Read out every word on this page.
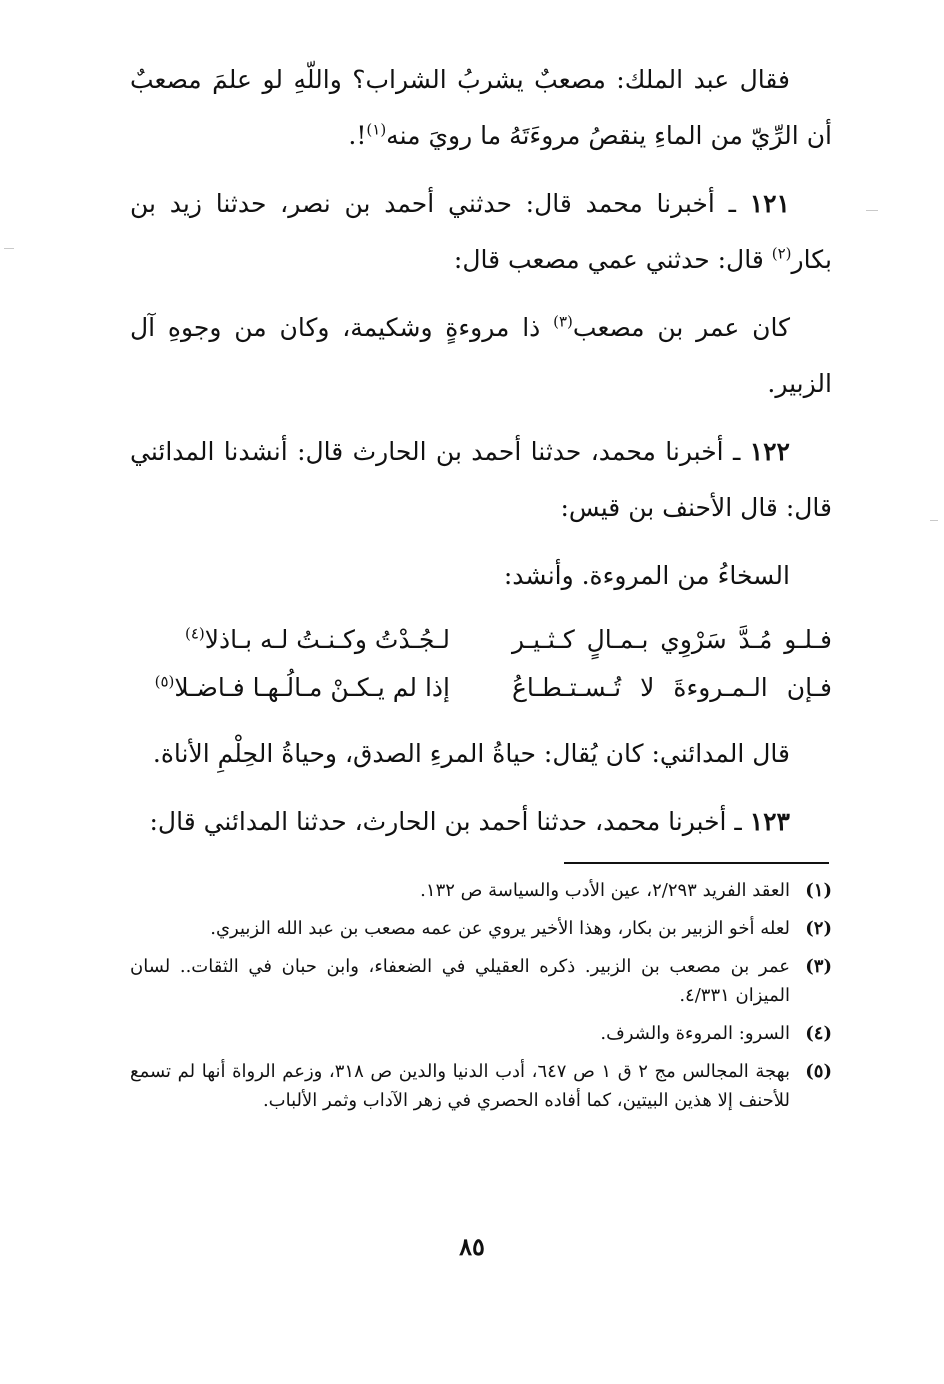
فقال عبد الملك: مصعبٌ يشربُ الشراب؟ واللّهِ لو علمَ مصعبٌ أن الرِّيّ من الماءِ ينقصُ مروءَتَهُ ما رويَ منه$^{(١)}$!.

١٢١ ـ أخبرنا محمد قال: حدثني أحمد بن نصر، حدثنا زيد بن بكار$^{(٢)}$ قال: حدثني عمي مصعب قال:

كان عمر بن مصعب$^{(٣)}$ ذا مروءةٍ وشكيمة، وكان من وجوهِ آل الزبير.

١٢٢ ـ أخبرنا محمد، حدثنا أحمد بن الحارث قال: أنشدنا المدائني قال: قال الأحنف بن قيس:

السخاءُ من المروءة. وأنشد:

فـلـو مُـدَّ سَرْوِي بـمـالٍ كـثـيـر
لـجُـدْتُ وكـنـتُ لـه بـاذلا$^{(٤)}$
فـإن الـمـروءةَ لا تُـسـتـطـاعُ
إذا لم يـكـنْ مـالُـهـا فـاضـلا$^{(٥)}$

قال المدائني: كان يُقال: حياةُ المرءِ الصدق، وحياةُ الحِلْمِ الأناة.

١٢٣ ـ أخبرنا محمد، حدثنا أحمد بن الحارث، حدثنا المدائني قال:

(١)
العقد الفريد ٢/٢٩٣، عين الأدب والسياسة ص ١٣٢.
(٢)
لعله أخو الزبير بن بكار، وهذا الأخير يروي عن عمه مصعب بن عبد الله الزبيري.
(٣)
عمر بن مصعب بن الزبير. ذكره العقيلي في الضعفاء، وابن حبان في الثقات.. لسان الميزان ٤/٣٣١.
(٤)
السرو: المروءة والشرف.
(٥)
بهجة المجالس مج ٢ ق ١ ص ٦٤٧، أدب الدنيا والدين ص ٣١٨، وزعم الرواة أنها لم تسمع للأحنف إلا هذين البيتين، كما أفاده الحصري في زهر الآداب وثمر الألباب.
٨٥
